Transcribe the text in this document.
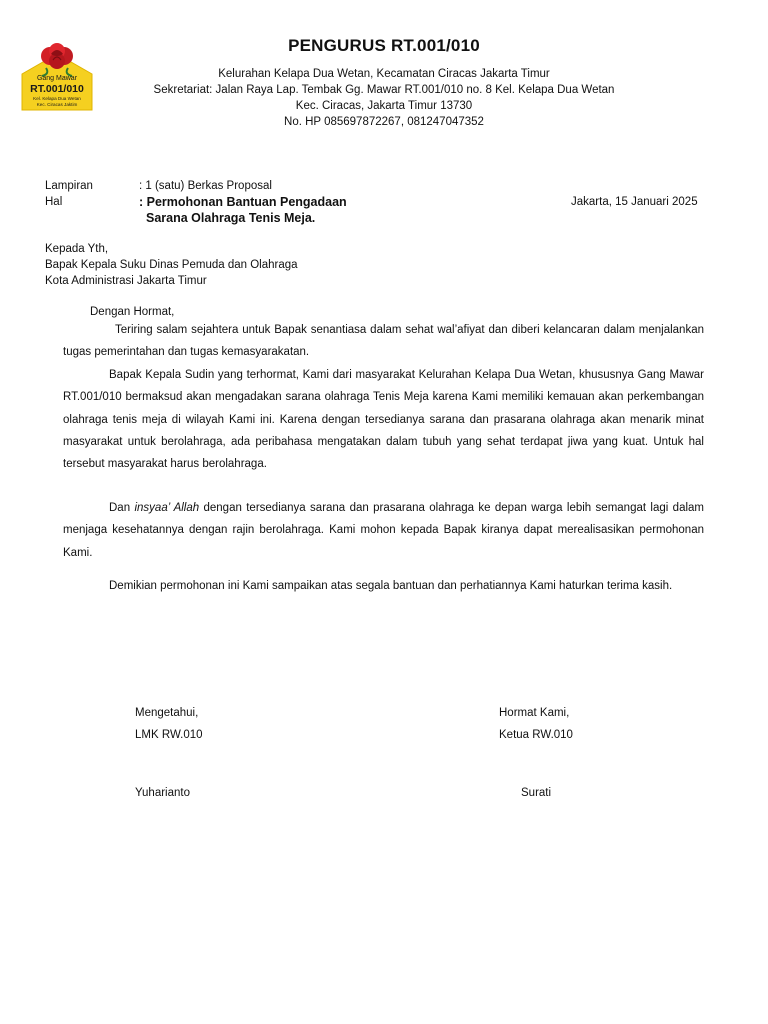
Gang Mawar
RT.001/010
Kel. Kelapa Dua Wetan
Kec. Ciracas Jaktim
PENGURUS RT.001/010
Kelurahan Kelapa Dua Wetan, Kecamatan Ciracas Jakarta Timur
Sekretariat: Jalan Raya Lap. Tembak Gg. Mawar RT.001/010 no. 8 Kel. Kelapa Dua Wetan
Kec. Ciracas, Jakarta Timur 13730
No. HP 085697872267, 081247047352
Lampiran	: 1 (satu) Berkas Proposal
Hal	: Permohonan Bantuan Pengadaan
Sarana Olahraga Tenis Meja.
Jakarta, 15 Januari 2025
Kepada Yth,
Bapak Kepala Suku Dinas Pemuda dan Olahraga
Kota Administrasi Jakarta Timur
Dengan Hormat,
Teriring salam sejahtera untuk Bapak senantiasa dalam sehat wal’afiyat dan diberi kelancaran dalam menjalankan tugas pemerintahan dan tugas kemasyarakatan.
Bapak Kepala Sudin yang terhormat, Kami dari masyarakat Kelurahan Kelapa Dua Wetan, khususnya Gang Mawar RT.001/010 bermaksud akan mengadakan sarana olahraga Tenis Meja karena Kami memiliki kemauan akan perkembangan olahraga tenis meja di wilayah Kami ini. Karena dengan tersedianya sarana dan prasarana olahraga akan menarik minat masyarakat untuk berolahraga, ada peribahasa mengatakan dalam tubuh yang sehat terdapat jiwa yang kuat. Untuk hal tersebut masyarakat harus berolahraga.
Dan insyaa’ Allah dengan tersedianya sarana dan prasarana olahraga ke depan warga lebih semangat lagi dalam menjaga kesehatannya dengan rajin berolahraga. Kami mohon kepada Bapak kiranya dapat merealisasikan permohonan Kami.
Demikian permohonan ini Kami sampaikan atas segala bantuan dan perhatiannya Kami haturkan terima kasih.
Mengetahui,
LMK RW.010
Yuharianto
Hormat Kami,
Ketua RW.010
Surati
